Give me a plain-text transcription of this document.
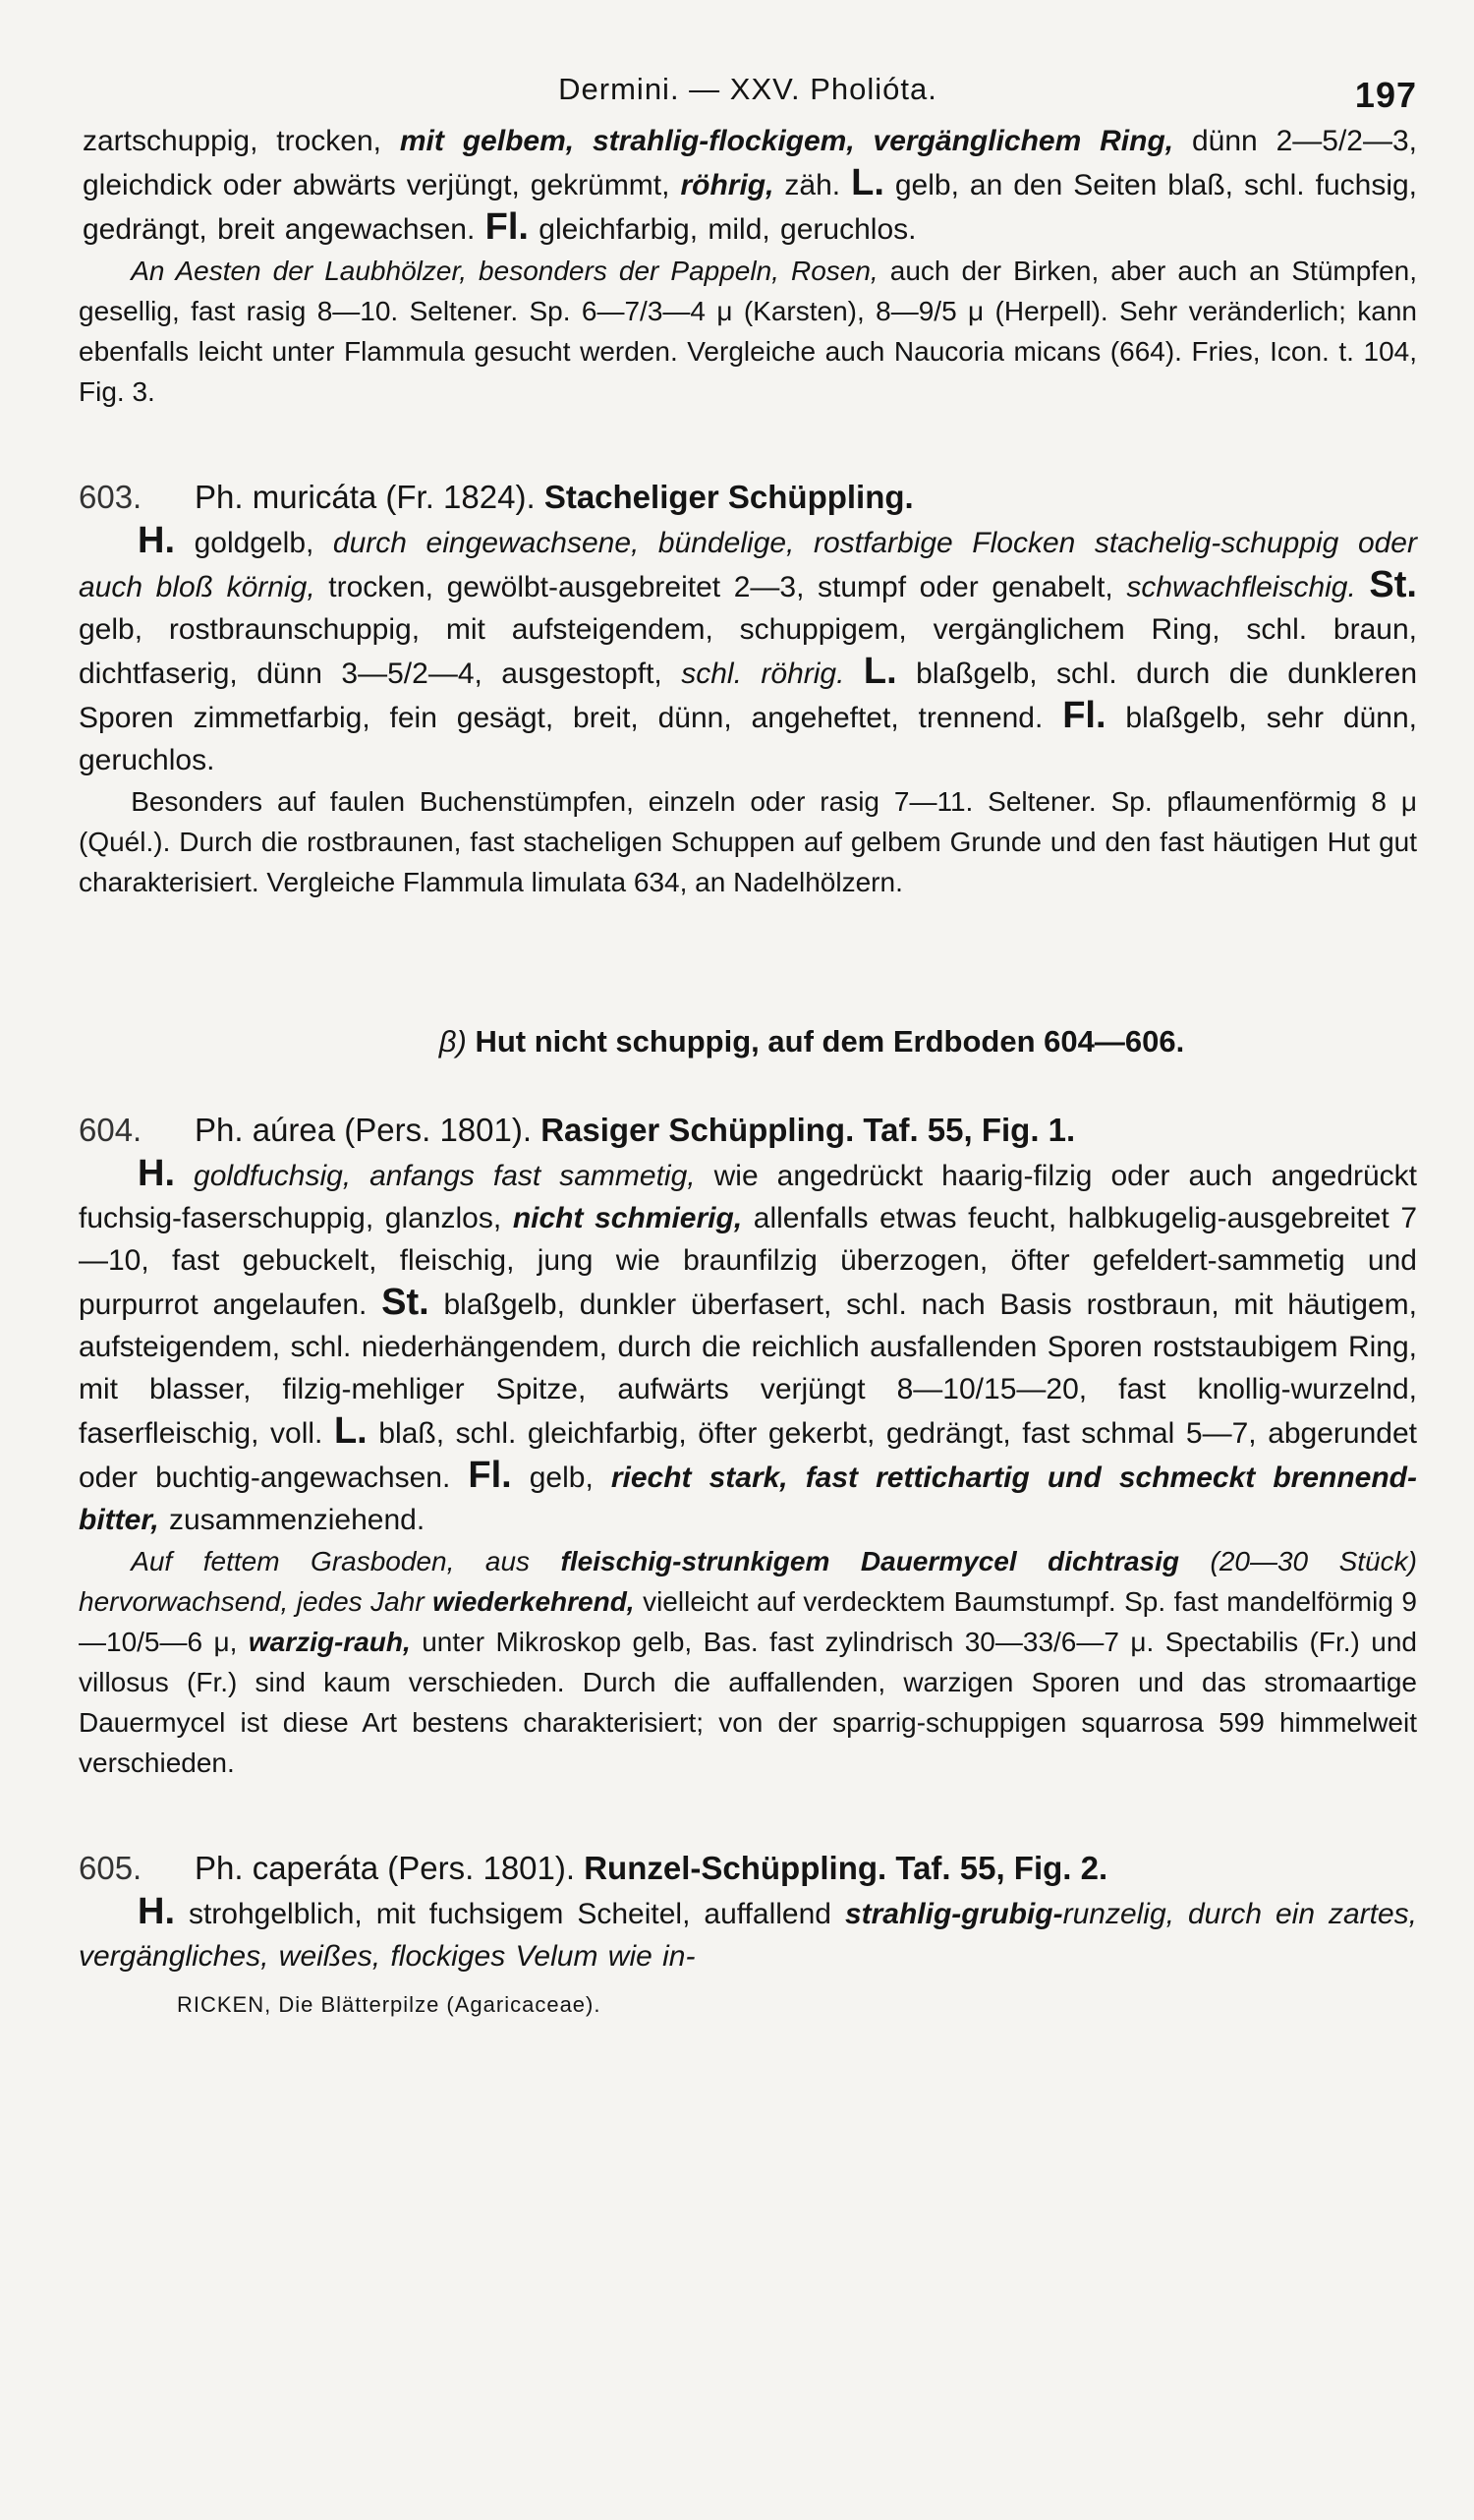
Dermini. — XXV. Pholióta.	197

zartschuppig, trocken, mit gelbem, strahlig-flockigem, vergänglichem Ring, dünn 2—5/2—3, gleichdick oder abwärts verjüngt, gekrümmt, röhrig, zäh. L. gelb, an den Seiten blaß, schl. fuchsig, gedrängt, breit angewachsen. Fl. gleichfarbig, mild, geruchlos.

An Aesten der Laubhölzer, besonders der Pappeln, Rosen, auch der Birken, aber auch an Stümpfen, gesellig, fast rasig 8—10. Seltener. Sp. 6—7/3—4 μ (Karsten), 8—9/5 μ (Herpell). Sehr veränderlich; kann ebenfalls leicht unter Flammula gesucht werden. Vergleiche auch Naucoria micans (664). Fries, Icon. t. 104, Fig. 3.

603. Ph. muricáta (Fr. 1824). Stacheliger Schüppling.

H. goldgelb, durch eingewachsene, bündelige, rostfarbige Flocken stachelig-schuppig oder auch bloß körnig, trocken, gewölbt-ausgebreitet 2—3, stumpf oder genabelt, schwachfleischig. St. gelb, rostbraunschuppig, mit aufsteigendem, schuppigem, vergänglichem Ring, schl. braun, dichtfaserig, dünn 3—5/2—4, ausgestopft, schl. röhrig. L. blaßgelb, schl. durch die dunkleren Sporen zimmetfarbig, fein gesägt, breit, dünn, angeheftet, trennend. Fl. blaßgelb, sehr dünn, geruchlos.

Besonders auf faulen Buchenstümpfen, einzeln oder rasig 7—11. Seltener. Sp. pflaumenförmig 8 μ (Quél.). Durch die rostbraunen, fast stacheligen Schuppen auf gelbem Grunde und den fast häutigen Hut gut charakterisiert. Vergleiche Flammula limulata 634, an Nadelhölzern.

β) Hut nicht schuppig, auf dem Erdboden 604—606.

604. Ph. aúrea (Pers. 1801). Rasiger Schüppling. Taf. 55, Fig. 1.

H. goldfuchsig, anfangs fast sammetig, wie angedrückt haarig-filzig oder auch angedrückt fuchsig-faserschuppig, glanzlos, nicht schmierig, allenfalls etwas feucht, halbkugelig-ausgebreitet 7—10, fast gebuckelt, fleischig, jung wie braunfilzig überzogen, öfter gefeldert-sammetig und purpurrot angelaufen. St. blaßgelb, dunkler überfasert, schl. nach Basis rostbraun, mit häutigem, aufsteigendem, schl. niederhängendem, durch die reichlich ausfallenden Sporen roststaubigem Ring, mit blasser, filzig-mehliger Spitze, aufwärts verjüngt 8—10/15—20, fast knollig-wurzelnd, faserfleischig, voll. L. blaß, schl. gleichfarbig, öfter gekerbt, gedrängt, fast schmal 5—7, abgerundet oder buchtig-angewachsen. Fl. gelb, riecht stark, fast rettichartig und schmeckt brennend-bitter, zusammenziehend.

Auf fettem Grasboden, aus fleischig-strunkigem Dauermycel dichtrasig (20—30 Stück) hervorwachsend, jedes Jahr wiederkehrend, vielleicht auf verdecktem Baumstumpf. Sp. fast mandelförmig 9—10/5—6 μ, warzig-rauh, unter Mikroskop gelb, Bas. fast zylindrisch 30—33/6—7 μ. Spectabilis (Fr.) und villosus (Fr.) sind kaum verschieden. Durch die auffallenden, warzigen Sporen und das stromaartige Dauermycel ist diese Art bestens charakterisiert; von der sparrig-schuppigen squarrosa 599 himmelweit verschieden.

605. Ph. caperáta (Pers. 1801). Runzel-Schüppling. Taf. 55, Fig. 2.

H. strohgelblich, mit fuchsigem Scheitel, auffallend strahlig-grubig-runzelig, durch ein zartes, vergängliches, weißes, flockiges Velum wie in-

RICKEN, Die Blätterpilze (Agaricaceae).
